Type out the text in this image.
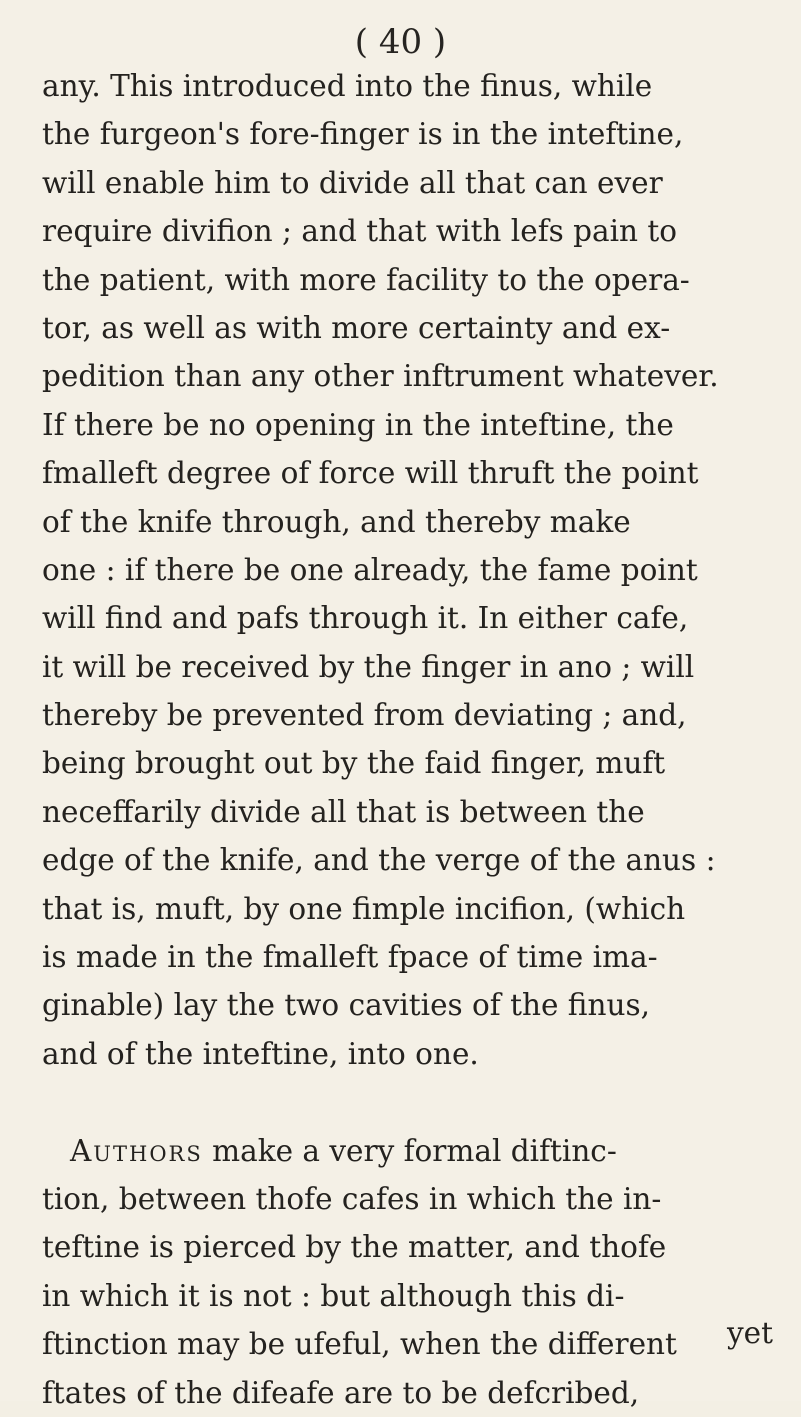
( 40 )
any. This introduced into the finus, while
the furgeon's fore-finger is in the inteftine,
will enable him to divide all that can ever
require divifion ; and that with lefs pain to
the patient, with more facility to the opera-
tor, as well as with more certainty and ex-
pedition than any other inftrument whatever.
If there be no opening in the inteftine, the
fmalleft degree of force will thruft the point
of the knife through, and thereby make
one : if there be one already, the fame point
will find and pafs through it. In either cafe,
it will be received by the finger in ano ; will
thereby be prevented from deviating ; and,
being brought out by the faid finger, muft
neceffarily divide all that is between the
edge of the knife, and the verge of the anus :
that is, muft, by one fimple incifion, (which
is made in the fmalleft fpace of time ima-
ginable) lay the two cavities of the finus,
and of the inteftine, into one.
Authors make a very formal diftinc-
tion, between thofe cafes in which the in-
teftine is pierced by the matter, and thofe
in which it is not : but although this di-
ftinction may be ufeful, when the different
ftates of the difeafe are to be defcribed,
yet
